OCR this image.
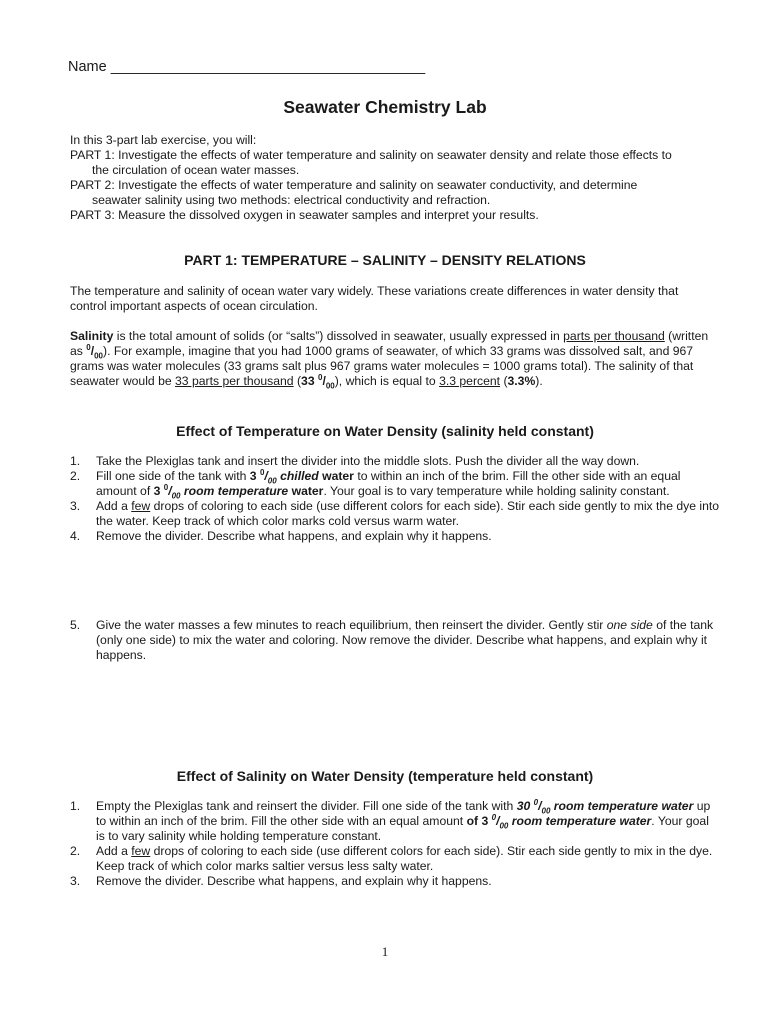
Name _______________________________________
Seawater Chemistry Lab
In this 3-part lab exercise, you will:
PART 1: Investigate the effects of water temperature and salinity on seawater density and relate those effects to
the circulation of ocean water masses.
PART 2: Investigate the effects of water temperature and salinity on seawater conductivity, and determine
seawater salinity using two methods: electrical conductivity and refraction.
PART 3: Measure the dissolved oxygen in seawater samples and interpret your results.
PART 1: TEMPERATURE – SALINITY – DENSITY RELATIONS
The temperature and salinity of ocean water vary widely. These variations create differences in water density that control important aspects of ocean circulation.
Salinity is the total amount of solids (or “salts”) dissolved in seawater, usually expressed in parts per thousand (written as $^0/_{00}$). For example, imagine that you had 1000 grams of seawater, of which 33 grams was dissolved salt, and 967 grams was water molecules (33 grams salt plus 967 grams water molecules = 1000 grams total). The salinity of that seawater would be 33 parts per thousand (33 $^0/_{00}$), which is equal to 3.3 percent (3.3%).
Effect of Temperature on Water Density (salinity held constant)
1.	Take the Plexiglas tank and insert the divider into the middle slots. Push the divider all the way down.
2.	Fill one side of the tank with 3 $^0/_{00}$ chilled water to within an inch of the brim. Fill the other side with an equal amount of 3 $^0/_{00}$ room temperature water. Your goal is to vary temperature while holding salinity constant.
3.	Add a few drops of coloring to each side (use different colors for each side). Stir each side gently to mix the dye into the water. Keep track of which color marks cold versus warm water.
4.	Remove the divider. Describe what happens, and explain why it happens.
5.	Give the water masses a few minutes to reach equilibrium, then reinsert the divider. Gently stir one side of the tank (only one side) to mix the water and coloring. Now remove the divider. Describe what happens, and explain why it happens.
Effect of Salinity on Water Density (temperature held constant)
1.	Empty the Plexiglas tank and reinsert the divider. Fill one side of the tank with 30 $^0/_{00}$ room temperature water up to within an inch of the brim. Fill the other side with an equal amount of 3 $^0/_{00}$ room temperature water. Your goal is to vary salinity while holding temperature constant.
2.	Add a few drops of coloring to each side (use different colors for each side). Stir each side gently to mix in the dye. Keep track of which color marks saltier versus less salty water.
3.	Remove the divider. Describe what happens, and explain why it happens.
1
